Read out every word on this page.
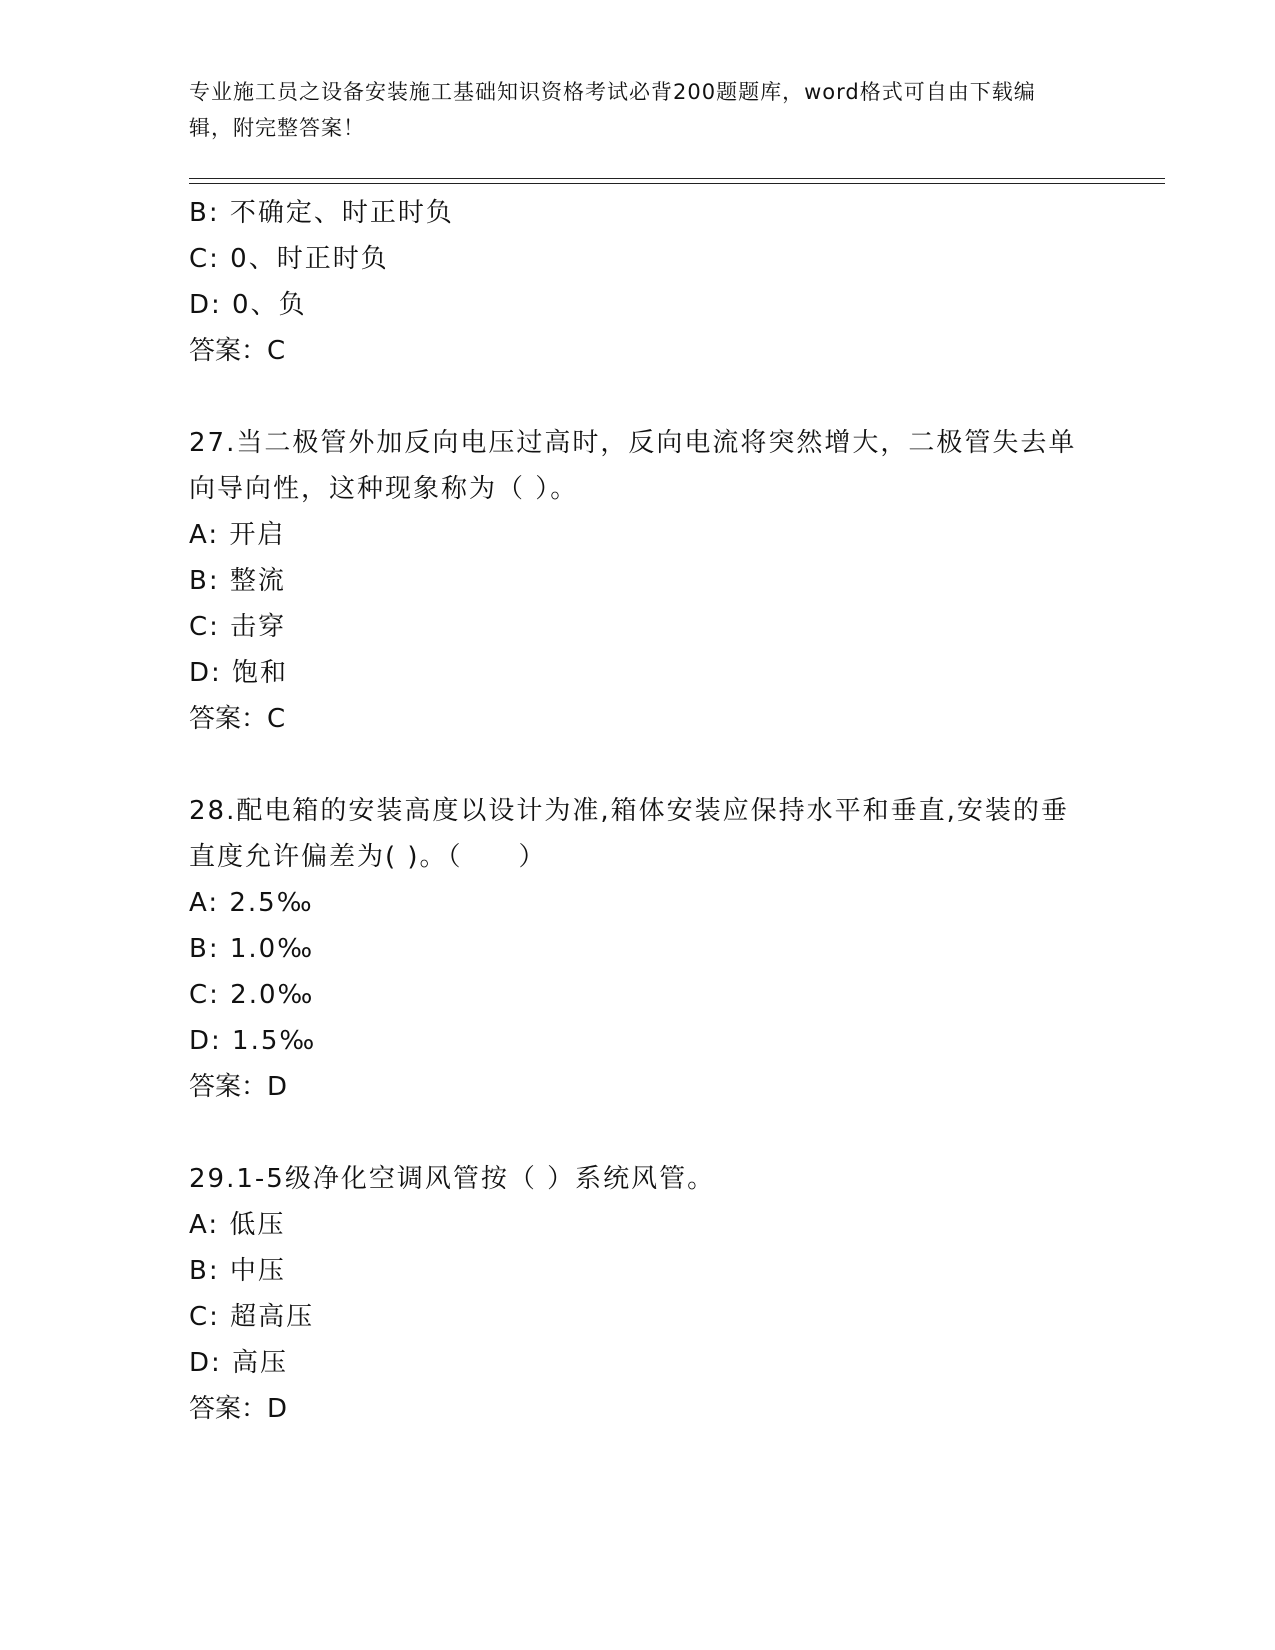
专业施工员之设备安装施工基础知识资格考试必背200题题库，word格式可自由下载编辑，附完整答案！
B: 不确定、时正时负
C: 0、时正时负
D: 0、负
答案：C
27.当二极管外加反向电压过高时，反向电流将突然增大，二极管失去单向导向性，这种现象称为（ ）。
A: 开启
B: 整流
C: 击穿
D: 饱和
答案：C
28.配电箱的安装高度以设计为准,箱体安装应保持水平和垂直,安装的垂直度允许偏差为( )。（　　）
A: 2.5‰
B: 1.0‰
C: 2.0‰
D: 1.5‰
答案：D
29.1-5级净化空调风管按（ ）系统风管。
A: 低压
B: 中压
C: 超高压
D: 高压
答案：D
